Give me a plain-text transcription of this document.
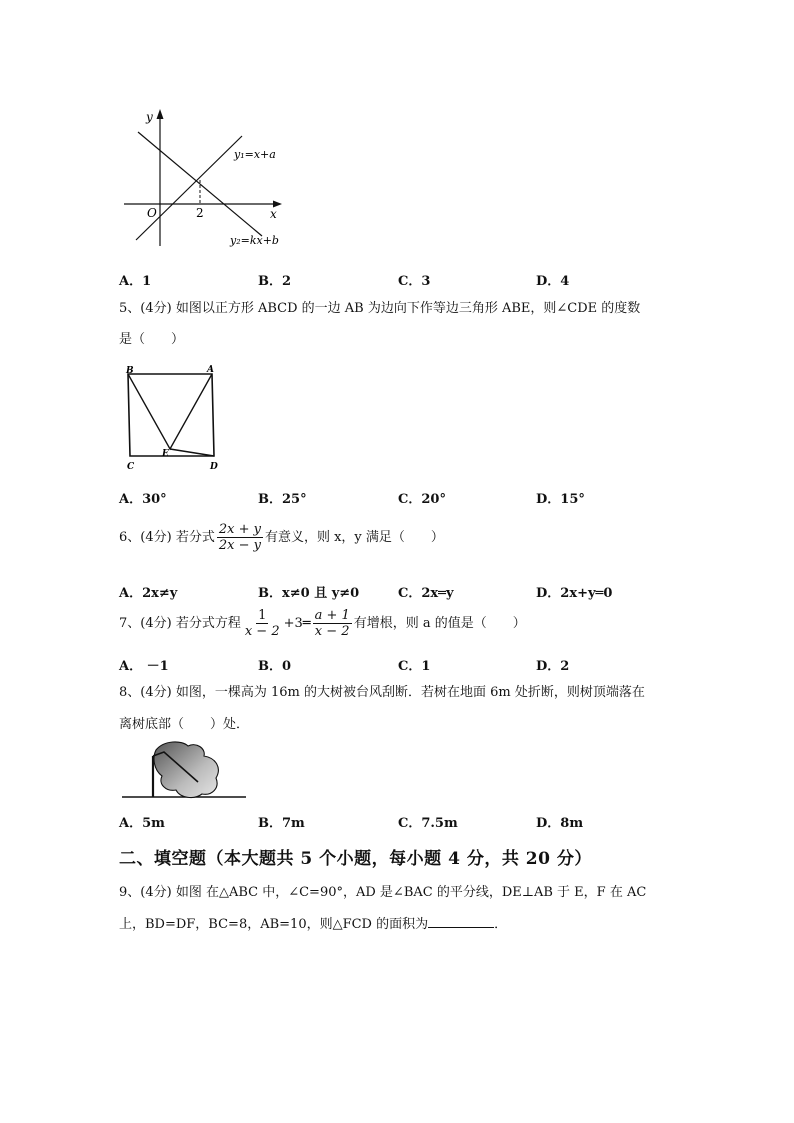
y
x
O	2
y₁=x+a
y₂=kx+b
A．1	B．2	C．3	D．4
5、(4分) 如图以正方形 ABCD 的一边 AB 为边向下作等边三角形 ABE，则∠CDE 的度数
是（　　）
B	A
E
C	D
A．30°	B．25°	C．20°	D．15°
6、(4分) 若分式 $\frac{2x + y}{2x - y}$ 有意义，则 x，y 满足（　　）
A．2x≠y	B．x≠0 且 y≠0	C．2x═y	D．2x+y═0
7、(4分) 若分式方程 $\frac{1}{x - 2}$ +3═ $\frac{a + 1}{x - 2}$ 有增根，则 a 的值是（　　）
A． －1	B．0	C．1	D．2
8、(4分) 如图，一棵高为 16m 的大树被台风刮断．若树在地面 6m 处折断，则树顶端落在
离树底部（　　）处．
A．5m	B．7m	C．7.5m	D．8m
二、填空题（本大题共 5 个小题，每小题 4 分，共 20 分）
9、(4分) 如图 在△ABC 中，∠C=90°，AD 是∠BAC 的平分线，DE⊥AB 于 E，F 在 AC
上，BD=DF，BC=8，AB=10，则△FCD 的面积为	．
